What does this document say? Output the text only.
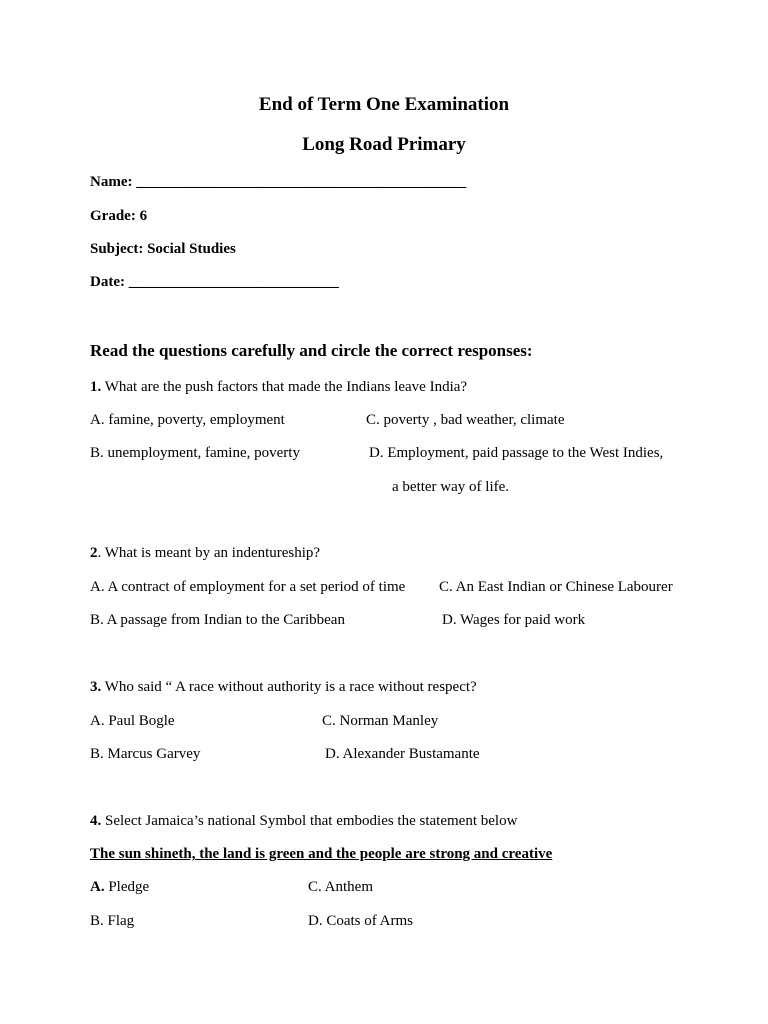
End of Term One Examination
Long Road Primary
Name: ____________________________________________
Grade: 6
Subject: Social Studies
Date: ____________________________
Read the questions carefully and circle the correct responses:
1. What are the push factors that made the Indians leave India?
A. famine, poverty, employment	C. poverty , bad weather, climate
B. unemployment, famine, poverty	D. Employment, paid passage to the West Indies,
a better way of life.
2. What is meant by an indentureship?
A. A contract of employment for a set period of time C. An East Indian or Chinese Labourer
B. A passage from Indian to the Caribbean	D. Wages for paid work
3. Who said “ A race without authority is a race without respect?
A. Paul Bogle	C. Norman Manley
B. Marcus Garvey	D. Alexander Bustamante
4. Select Jamaica’s national Symbol that embodies the statement below
The sun shineth, the land is green and the people are strong and creative
A. Pledge	C. Anthem
B. Flag	D. Coats of Arms
